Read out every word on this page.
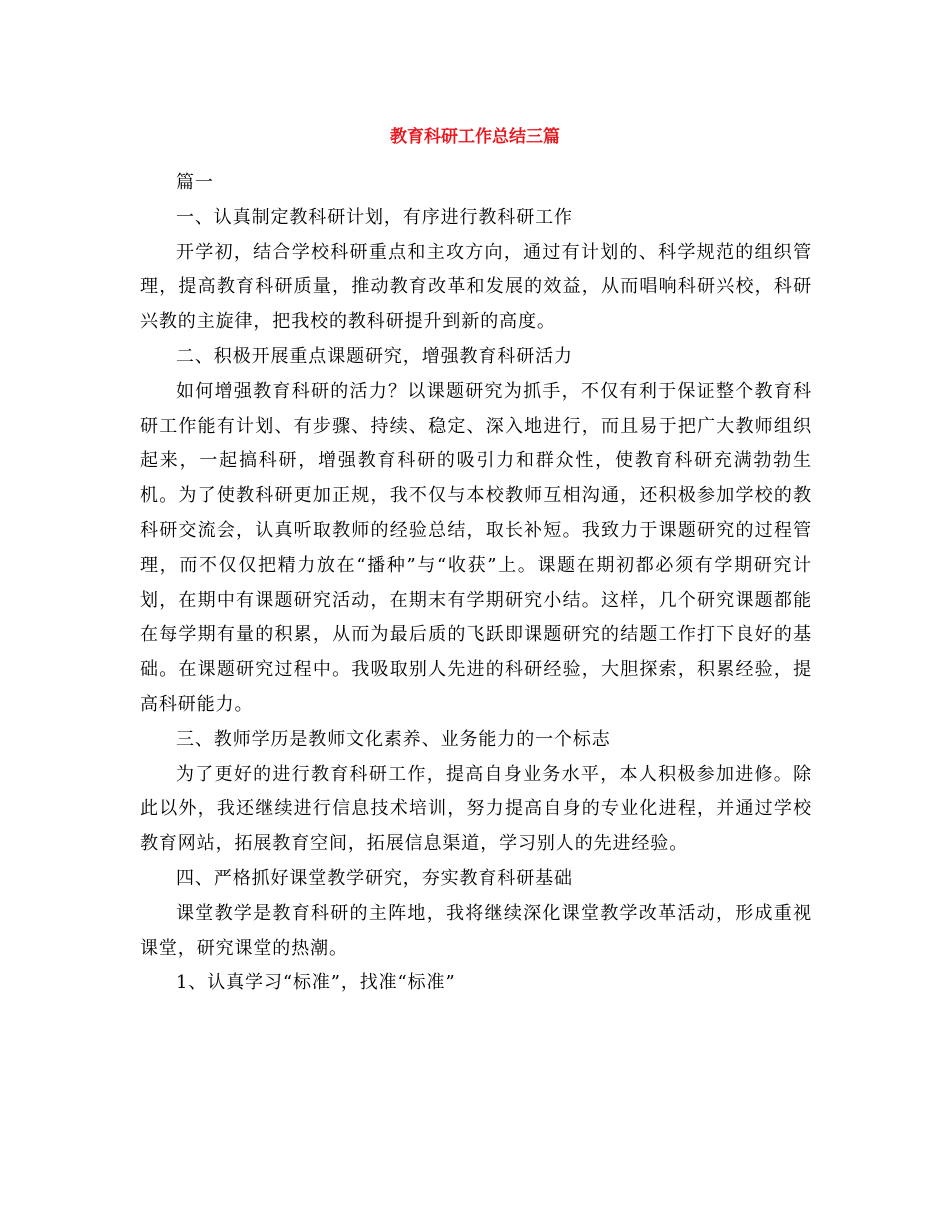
教育科研工作总结三篇

篇一

一、认真制定教科研计划，有序进行教科研工作

开学初，结合学校科研重点和主攻方向，通过有计划的、科学规范的组织管理，提高教育科研质量，推动教育改革和发展的效益，从而唱响科研兴校，科研兴教的主旋律，把我校的教科研提升到新的高度。

二、积极开展重点课题研究，增强教育科研活力

如何增强教育科研的活力？以课题研究为抓手，不仅有利于保证整个教育科研工作能有计划、有步骤、持续、稳定、深入地进行，而且易于把广大教师组织起来，一起搞科研，增强教育科研的吸引力和群众性，使教育科研充满勃勃生机。为了使教科研更加正规，我不仅与本校教师互相沟通，还积极参加学校的教科研交流会，认真听取教师的经验总结，取长补短。我致力于课题研究的过程管理，而不仅仅把精力放在“播种”与“收获”上。课题在期初都必须有学期研究计划，在期中有课题研究活动，在期末有学期研究小结。这样，几个研究课题都能在每学期有量的积累，从而为最后质的飞跃即课题研究的结题工作打下良好的基础。在课题研究过程中。我吸取别人先进的科研经验，大胆探索，积累经验，提高科研能力。

三、教师学历是教师文化素养、业务能力的一个标志

为了更好的进行教育科研工作，提高自身业务水平，本人积极参加进修。除此以外，我还继续进行信息技术培训，努力提高自身的专业化进程，并通过学校教育网站，拓展教育空间，拓展信息渠道，学习别人的先进经验。

四、严格抓好课堂教学研究，夯实教育科研基础

课堂教学是教育科研的主阵地，我将继续深化课堂教学改革活动，形成重视课堂，研究课堂的热潮。

1、认真学习“标准”，找准“标准”
